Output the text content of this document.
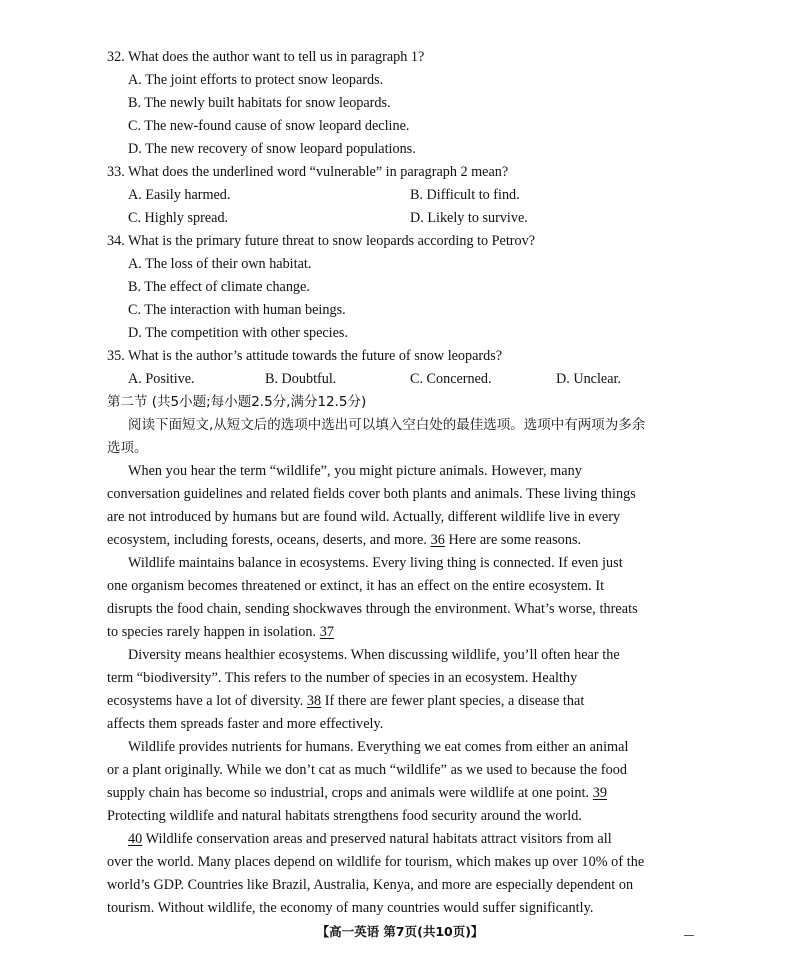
32. What does the author want to tell us in paragraph 1?
A. The joint efforts to protect snow leopards.
B. The newly built habitats for snow leopards.
C. The new-found cause of snow leopard decline.
D. The new recovery of snow leopard populations.
33. What does the underlined word “vulnerable” in paragraph 2 mean?
A. Easily harmed.	B. Difficult to find.
C. Highly spread.	D. Likely to survive.
34. What is the primary future threat to snow leopards according to Petrov?
A. The loss of their own habitat.
B. The effect of climate change.
C. The interaction with human beings.
D. The competition with other species.
35. What is the author’s attitude towards the future of snow leopards?
A. Positive.	B. Doubtful.	C. Concerned.	D. Unclear.
第二节 (共5小题;每小题2.5分,满分12.5分)
阅读下面短文,从短文后的选项中选出可以填入空白处的最佳选项。选项中有两项为多余
选项。
When you hear the term “wildlife”, you might picture animals. However, many
conversation guidelines and related fields cover both plants and animals. These living things
are not introduced by humans but are found wild. Actually, different wildlife live in every
ecosystem, including forests, oceans, deserts, and more. 36 Here are some reasons.
Wildlife maintains balance in ecosystems. Every living thing is connected. If even just
one organism becomes threatened or extinct, it has an effect on the entire ecosystem. It
disrupts the food chain, sending shockwaves through the environment. What’s worse, threats
to species rarely happen in isolation. 37
Diversity means healthier ecosystems. When discussing wildlife, you’ll often hear the
term “biodiversity”. This refers to the number of species in an ecosystem. Healthy
ecosystems have a lot of diversity. 38 If there are fewer plant species, a disease that
affects them spreads faster and more effectively.
Wildlife provides nutrients for humans. Everything we eat comes from either an animal
or a plant originally. While we don’t cat as much “wildlife” as we used to because the food
supply chain has become so industrial, crops and animals were wildlife at one point. 39
Protecting wildlife and natural habitats strengthens food security around the world.
40 Wildlife conservation areas and preserved natural habitats attract visitors from all
over the world. Many places depend on wildlife for tourism, which makes up over 10% of the
world’s GDP. Countries like Brazil, Australia, Kenya, and more are especially dependent on
tourism. Without wildlife, the economy of many countries would suffer significantly.
【高一英语 第7页(共10页)】
